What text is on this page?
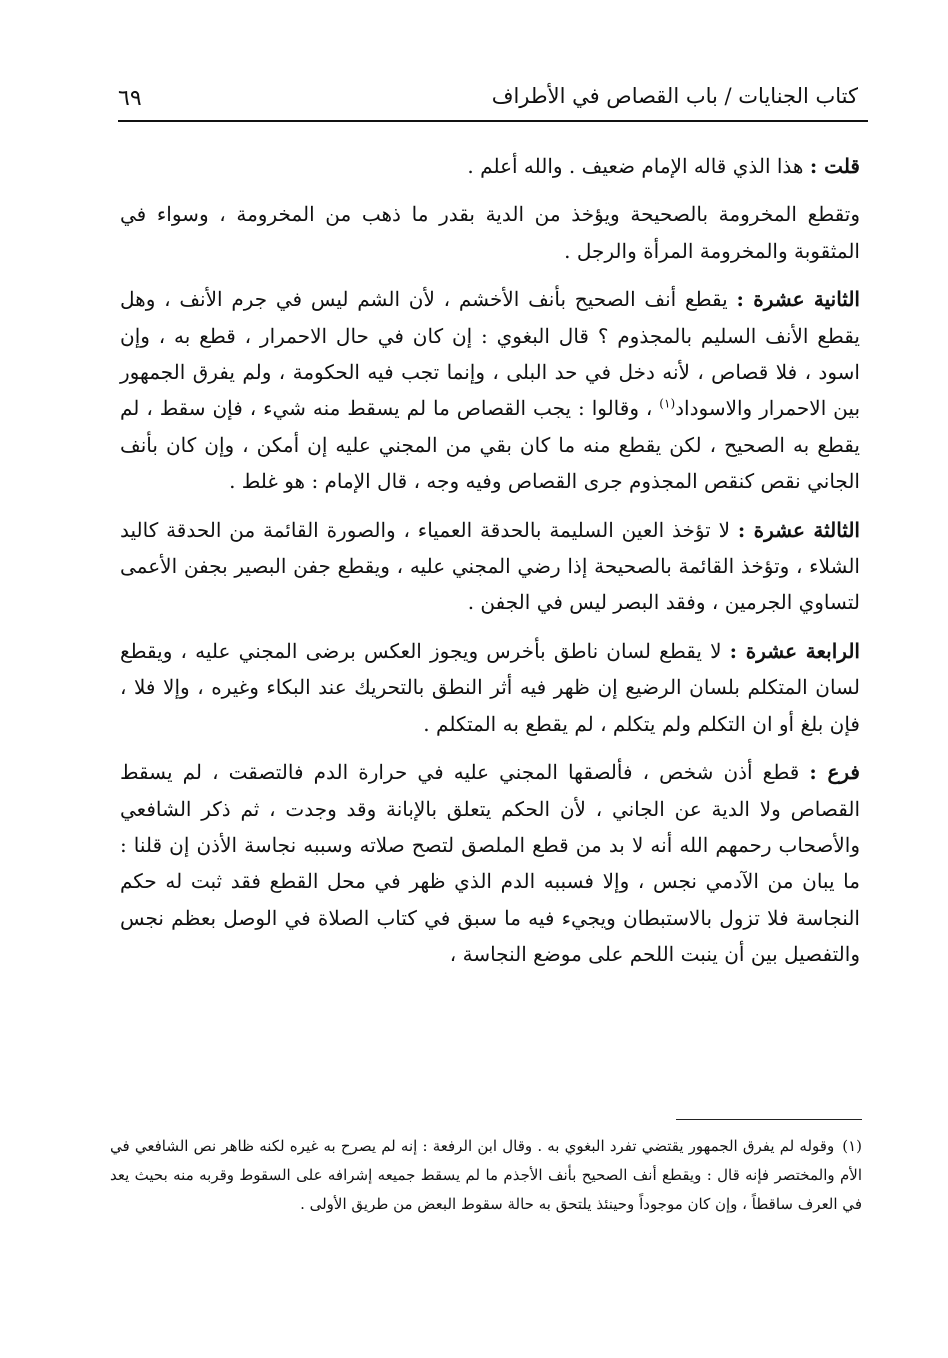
كتاب الجنايات / باب القصاص في الأطراف
٦٩

قلت : هذا الذي قاله الإمام ضعيف . والله أعلم .

وتقطع المخرومة بالصحيحة ويؤخذ من الدية بقدر ما ذهب من المخرومة ، وسواء في المثقوبة والمخرومة المرأة والرجل .

الثانية عشرة : يقطع أنف الصحيح بأنف الأخشم ، لأن الشم ليس في جرم الأنف ، وهل يقطع الأنف السليم بالمجذوم ؟ قال البغوي : إن كان في حال الاحمرار ، قطع به ، وإن اسود ، فلا قصاص ، لأنه دخل في حد البلى ، وإنما تجب فيه الحكومة ، ولم يفرق الجمهور بين الاحمرار والاسوداد$^{(١)}$ ، وقالوا : يجب القصاص ما لم يسقط منه شيء ، فإن سقط ، لم يقطع به الصحيح ، لكن يقطع منه ما كان بقي من المجني عليه إن أمكن ، وإن كان بأنف الجاني نقص كنقص المجذوم جرى القصاص وفيه وجه ، قال الإمام : هو غلط .

الثالثة عشرة : لا تؤخذ العين السليمة بالحدقة العمياء ، والصورة القائمة من الحدقة كاليد الشلاء ، وتؤخذ القائمة بالصحيحة إذا رضي المجني عليه ، ويقطع جفن البصير بجفن الأعمى لتساوي الجرمين ، وفقد البصر ليس في الجفن .

الرابعة عشرة : لا يقطع لسان ناطق بأخرس ويجوز العكس برضى المجني عليه ، ويقطع لسان المتكلم بلسان الرضيع إن ظهر فيه أثر النطق بالتحريك عند البكاء وغيره ، وإلا فلا ، فإن بلغ أو ان التكلم ولم يتكلم ، لم يقطع به المتكلم .

فرع : قطع أذن شخص ، فألصقها المجني عليه في حرارة الدم فالتصقت ، لم يسقط القصاص ولا الدية عن الجاني ، لأن الحكم يتعلق بالإبانة وقد وجدت ، ثم ذكر الشافعي والأصحاب رحمهم الله أنه لا بد من قطع الملصق لتصح صلاته وسببه نجاسة الأذن إن قلنا : ما يبان من الآدمي نجس ، وإلا فسببه الدم الذي ظهر في محل القطع فقد ثبت له حكم النجاسة فلا تزول بالاستبطان ويجيء فيه ما سبق في كتاب الصلاة في الوصل بعظم نجس والتفصيل بين أن ينبت اللحم على موضع النجاسة ،

(١)وقوله لم يفرق الجمهور يقتضي تفرد البغوي به . وقال ابن الرفعة : إنه لم يصرح به غيره لكنه ظاهر نص الشافعي في الأم والمختصر فإنه قال : ويقطع أنف الصحيح بأنف الأجذم ما لم يسقط جميعه إشرافه على السقوط وقربه منه بحيث يعد في العرف ساقطاً ، وإن كان موجوداً وحينئذ يلتحق به حالة سقوط البعض من طريق الأولى .
